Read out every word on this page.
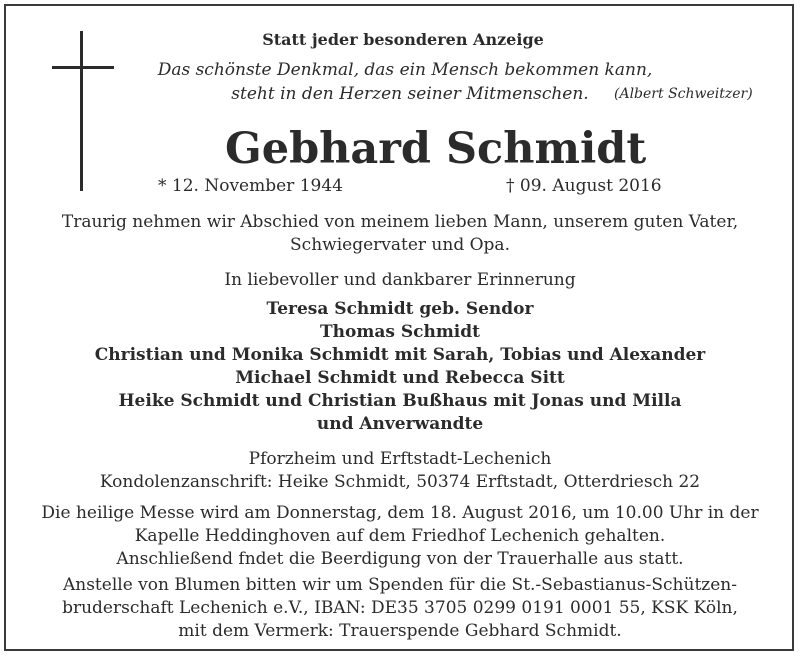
Statt jeder besonderen Anzeige
Das schönste Denkmal, das ein Mensch bekommen kann,
steht in den Herzen seiner Mitmenschen. (Albert Schweitzer)
Gebhard Schmidt
* 12. November 1944	† 09. August 2016
Traurig nehmen wir Abschied von meinem lieben Mann, unserem guten Vater,
Schwiegervater und Opa.
In liebevoller und dankbarer Erinnerung
Teresa Schmidt geb. Sendor
Thomas Schmidt
Christian und Monika Schmidt mit Sarah, Tobias und Alexander
Michael Schmidt und Rebecca Sitt
Heike Schmidt und Christian Bußhaus mit Jonas und Milla
und Anverwandte
Pforzheim und Erftstadt-Lechenich
Kondolenzanschrift: Heike Schmidt, 50374 Erftstadt, Otterdriesch 22
Die heilige Messe wird am Donnerstag, dem 18. August 2016, um 10.00 Uhr in der
Kapelle Heddinghoven auf dem Friedhof Lechenich gehalten.
Anschließend fndet die Beerdigung von der Trauerhalle aus statt.
Anstelle von Blumen bitten wir um Spenden für die St.-Sebastianus-Schützen-
bruderschaft Lechenich e.V., IBAN: DE35 3705 0299 0191 0001 55, KSK Köln,
mit dem Vermerk: Trauerspende Gebhard Schmidt.
